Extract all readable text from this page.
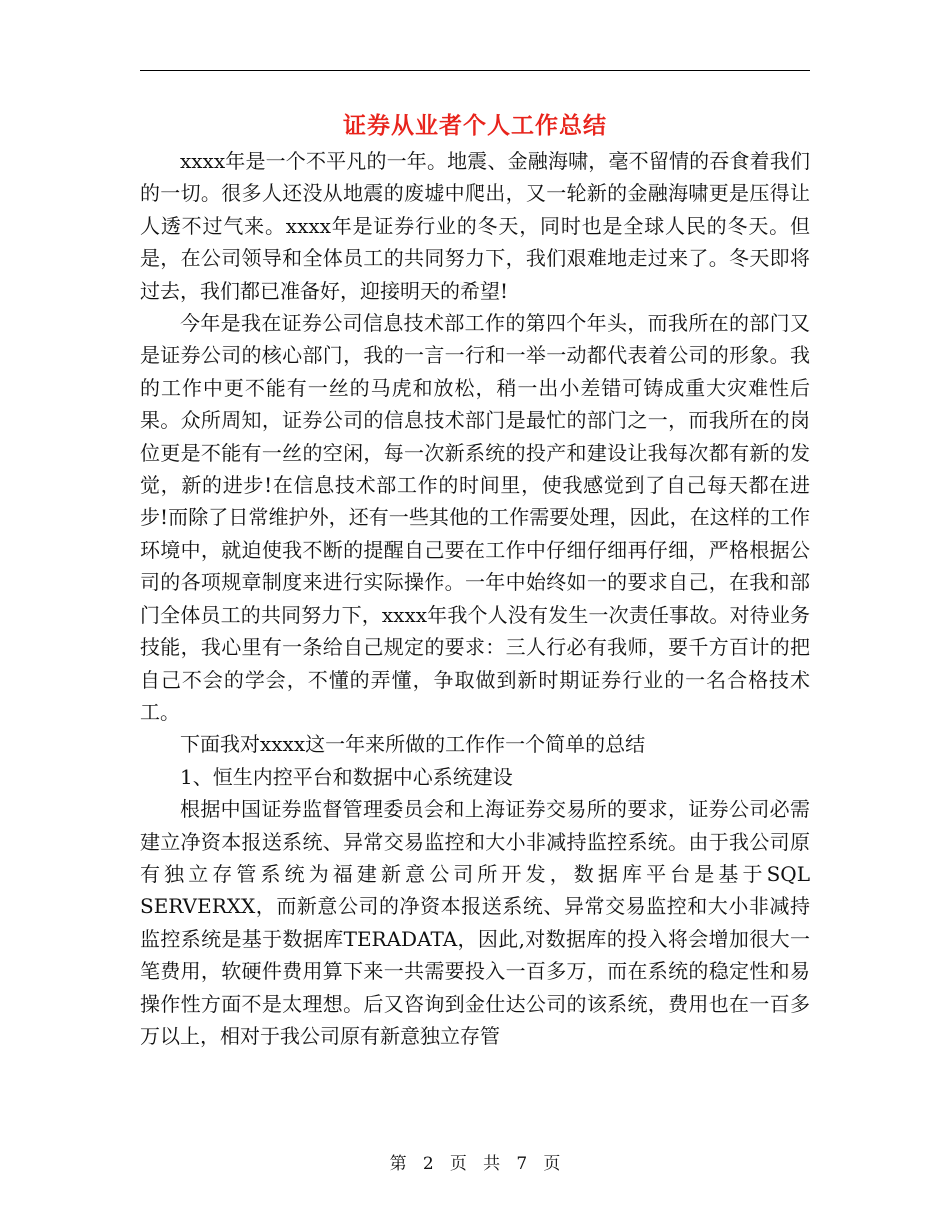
证券从业者个人工作总结

xxxx年是一个不平凡的一年。地震、金融海啸，毫不留情的吞食着我们的一切。很多人还没从地震的废墟中爬出，又一轮新的金融海啸更是压得让人透不过气来。xxxx年是证券行业的冬天，同时也是全球人民的冬天。但是，在公司领导和全体员工的共同努力下，我们艰难地走过来了。冬天即将过去，我们都已准备好，迎接明天的希望!

今年是我在证券公司信息技术部工作的第四个年头，而我所在的部门又是证券公司的核心部门，我的一言一行和一举一动都代表着公司的形象。我的工作中更不能有一丝的马虎和放松，稍一出小差错可铸成重大灾难性后果。众所周知，证券公司的信息技术部门是最忙的部门之一，而我所在的岗位更是不能有一丝的空闲，每一次新系统的投产和建设让我每次都有新的发觉，新的进步!在信息技术部工作的时间里，使我感觉到了自己每天都在进步!而除了日常维护外，还有一些其他的工作需要处理，因此，在这样的工作环境中，就迫使我不断的提醒自己要在工作中仔细仔细再仔细，严格根据公司的各项规章制度来进行实际操作。一年中始终如一的要求自己，在我和部门全体员工的共同努力下，xxxx年我个人没有发生一次责任事故。对待业务技能，我心里有一条给自己规定的要求：三人行必有我师，要千方百计的把自己不会的学会，不懂的弄懂，争取做到新时期证券行业的一名合格技术工。

下面我对xxxx这一年来所做的工作作一个简单的总结

1、恒生内控平台和数据中心系统建设

根据中国证券监督管理委员会和上海证券交易所的要求，证券公司必需建立净资本报送系统、异常交易监控和大小非减持监控系统。由于我公司原有独立存管系统为福建新意公司所开发，数据库平台是基于SQL SERVERXX，而新意公司的净资本报送系统、异常交易监控和大小非减持监控系统是基于数据库TERADATA，因此,对数据库的投入将会增加很大一笔费用，软硬件费用算下来一共需要投入一百多万，而在系统的稳定性和易操作性方面不是太理想。后又咨询到金仕达公司的该系统，费用也在一百多万以上，相对于我公司原有新意独立存管

第 2 页 共 7 页
